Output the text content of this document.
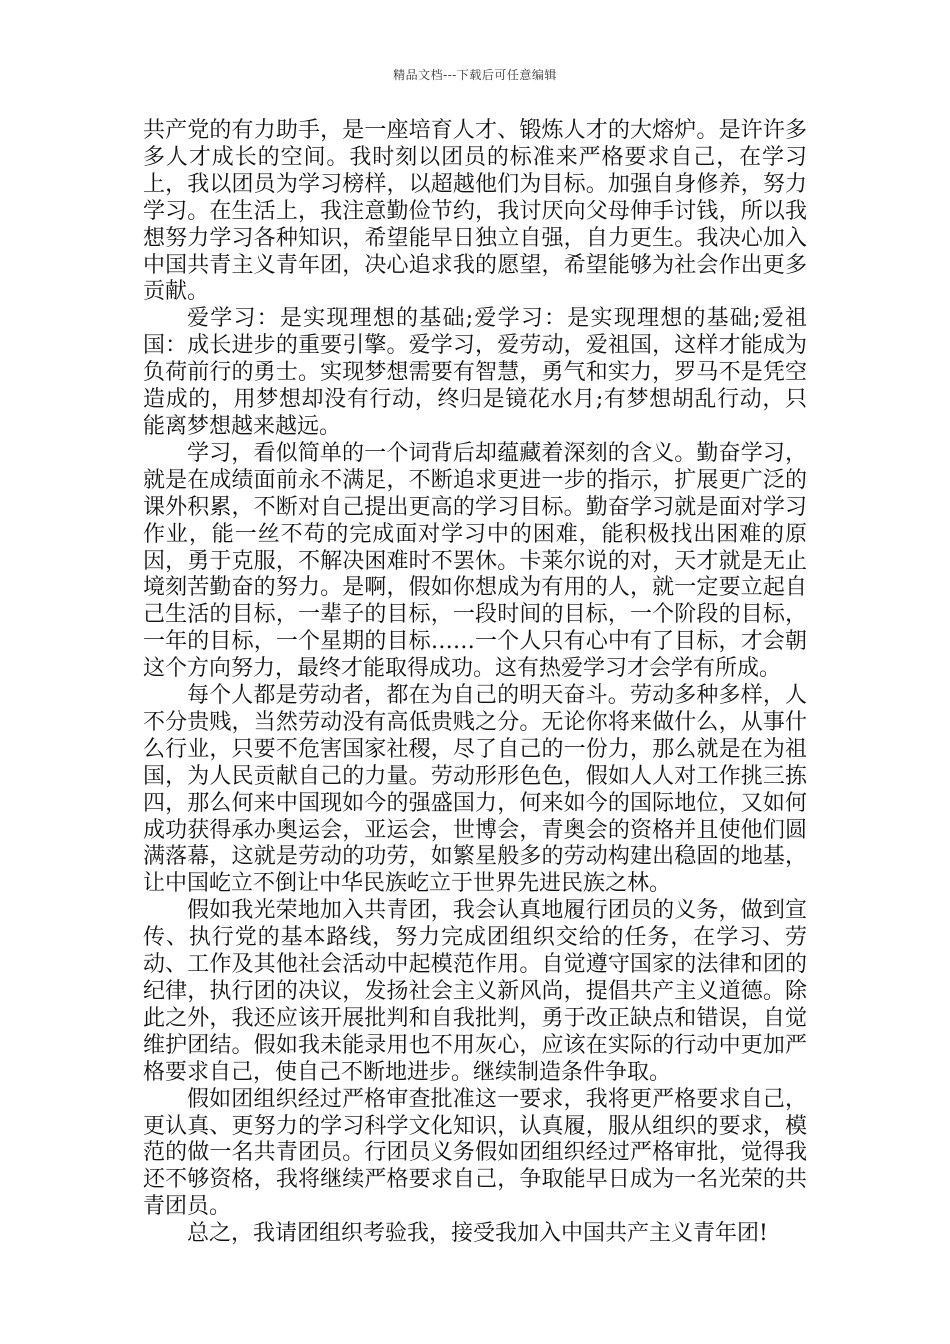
精品文档---下载后可任意编辑

共产党的有力助手，是一座培育人才、锻炼人才的大熔炉。是许许多多人才成长的空间。我时刻以团员的标准来严格要求自己，在学习上，我以团员为学习榜样，以超越他们为目标。加强自身修养，努力学习。在生活上，我注意勤俭节约，我讨厌向父母伸手讨钱，所以我想努力学习各种知识，希望能早日独立自强，自力更生。我决心加入中国共青主义青年团，决心追求我的愿望，希望能够为社会作出更多贡献。

爱学习：是实现理想的基础;爱学习：是实现理想的基础;爱祖国：成长进步的重要引擎。爱学习，爱劳动，爱祖国，这样才能成为负荷前行的勇士。实现梦想需要有智慧，勇气和实力，罗马不是凭空造成的，用梦想却没有行动，终归是镜花水月;有梦想胡乱行动，只能离梦想越来越远。

学习，看似简单的一个词背后却蕴藏着深刻的含义。勤奋学习，就是在成绩面前永不满足，不断追求更进一步的指示，扩展更广泛的课外积累，不断对自己提出更高的学习目标。勤奋学习就是面对学习作业，能一丝不苟的完成面对学习中的困难，能积极找出困难的原因，勇于克服，不解决困难时不罢休。卡莱尔说的对，天才就是无止境刻苦勤奋的努力。是啊，假如你想成为有用的人，就一定要立起自己生活的目标，一辈子的目标，一段时间的目标，一个阶段的目标，一年的目标，一个星期的目标……一个人只有心中有了目标，才会朝这个方向努力，最终才能取得成功。这有热爱学习才会学有所成。

每个人都是劳动者，都在为自己的明天奋斗。劳动多种多样，人不分贵贱，当然劳动没有高低贵贱之分。无论你将来做什么，从事什么行业，只要不危害国家社稷，尽了自己的一份力，那么就是在为祖国，为人民贡献自己的力量。劳动形形色色，假如人人对工作挑三拣四，那么何来中国现如今的强盛国力，何来如今的国际地位，又如何成功获得承办奥运会，亚运会，世博会，青奥会的资格并且使他们圆满落幕，这就是劳动的功劳，如繁星般多的劳动构建出稳固的地基，让中国屹立不倒让中华民族屹立于世界先进民族之林。

假如我光荣地加入共青团，我会认真地履行团员的义务，做到宣传、执行党的基本路线，努力完成团组织交给的任务，在学习、劳动、工作及其他社会活动中起模范作用。自觉遵守国家的法律和团的纪律，执行团的决议，发扬社会主义新风尚，提倡共产主义道德。除此之外，我还应该开展批判和自我批判，勇于改正缺点和错误，自觉维护团结。假如我未能录用也不用灰心，应该在实际的行动中更加严格要求自己，使自己不断地进步。继续制造条件争取。

假如团组织经过严格审查批准这一要求，我将更严格要求自己，更认真、更努力的学习科学文化知识，认真履，服从组织的要求，模范的做一名共青团员。行团员义务假如团组织经过严格审批，觉得我还不够资格，我将继续严格要求自己，争取能早日成为一名光荣的共青团员。

总之，我请团组织考验我，接受我加入中国共产主义青年团!
